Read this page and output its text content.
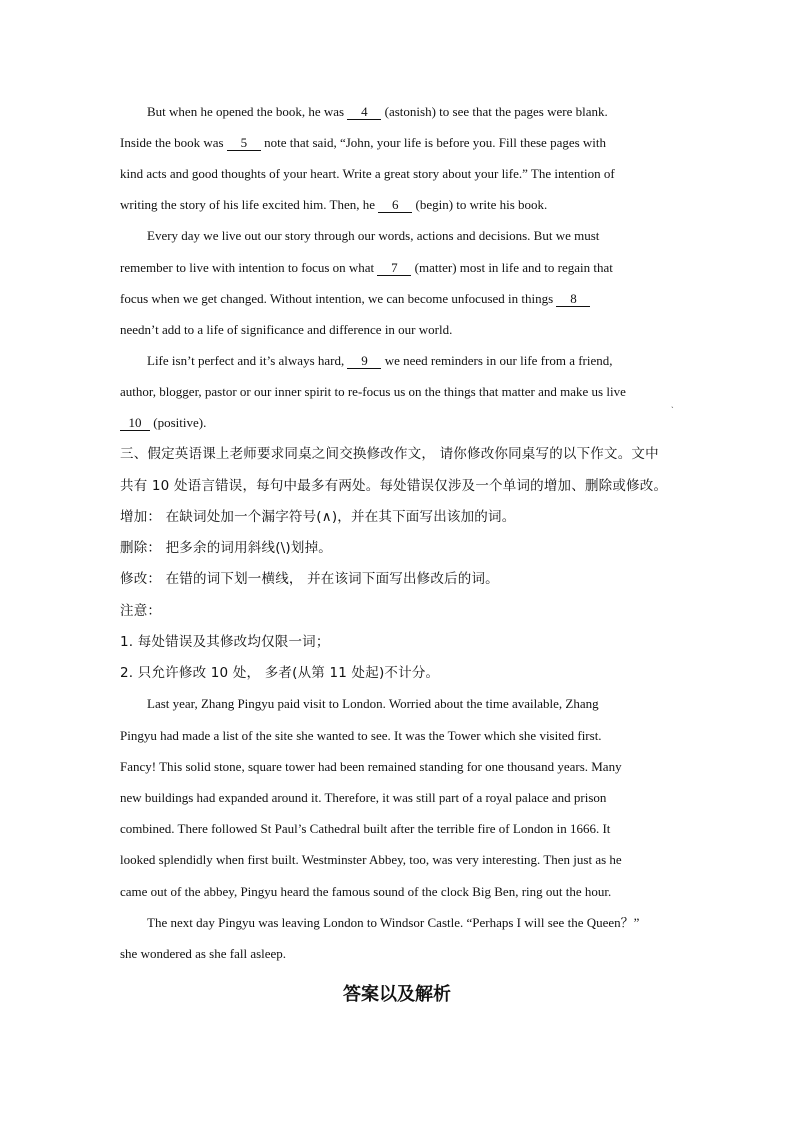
But when he opened the book, he was 4 (astonish) to see that the pages were blank.
Inside the book was 5 note that said, “John, your life is before you. Fill these pages with
kind acts and good thoughts of your heart. Write a great story about your life.” The intention of
writing the story of his life excited him. Then, he 6 (begin) to write his book.
Every day we live out our story through our words, actions and decisions. But we must
remember to live with intention to focus on what 7 (matter) most in life and to regain that
focus when we get changed. Without intention, we can become unfocused in things 8
needn’t add to a life of significance and difference in our world.
Life isn’t perfect and it’s always hard, 9 we need reminders in our life from a friend,
author, blogger, pastor or our inner spirit to re-focus us on the things that matter and make us live
ˏ
10 (positive).
三、假定英语课上老师要求同桌之间交换修改作文， 请你修改你同桌写的以下作文。文中
共有 10 处语言错误，每句中最多有两处。每处错误仅涉及一个单词的增加、删除或修改。
增加： 在缺词处加一个漏字符号(∧)，并在其下面写出该加的词。
删除： 把多余的词用斜线(\)划掉。
修改： 在错的词下划一横线， 并在该词下面写出修改后的词。
注意：
1. 每处错误及其修改均仅限一词；
2. 只允许修改 10 处， 多者(从第 11 处起)不计分。
Last year, Zhang Pingyu paid visit to London. Worried about the time available, Zhang
Pingyu had made a list of the site she wanted to see. It was the Tower which she visited first.
Fancy! This solid stone, square tower had been remained standing for one thousand years. Many
new buildings had expanded around it. Therefore, it was still part of a royal palace and prison
combined. There followed St Paul’s Cathedral built after the terrible fire of London in 1666. It
looked splendidly when first built. Westminster Abbey, too, was very interesting. Then just as he
came out of the abbey, Pingyu heard the famous sound of the clock Big Ben, ring out the hour.
The next day Pingyu was leaving London to Windsor Castle. “Perhaps I will see the Queen？”
she wondered as she fall asleep.
答案以及解析
